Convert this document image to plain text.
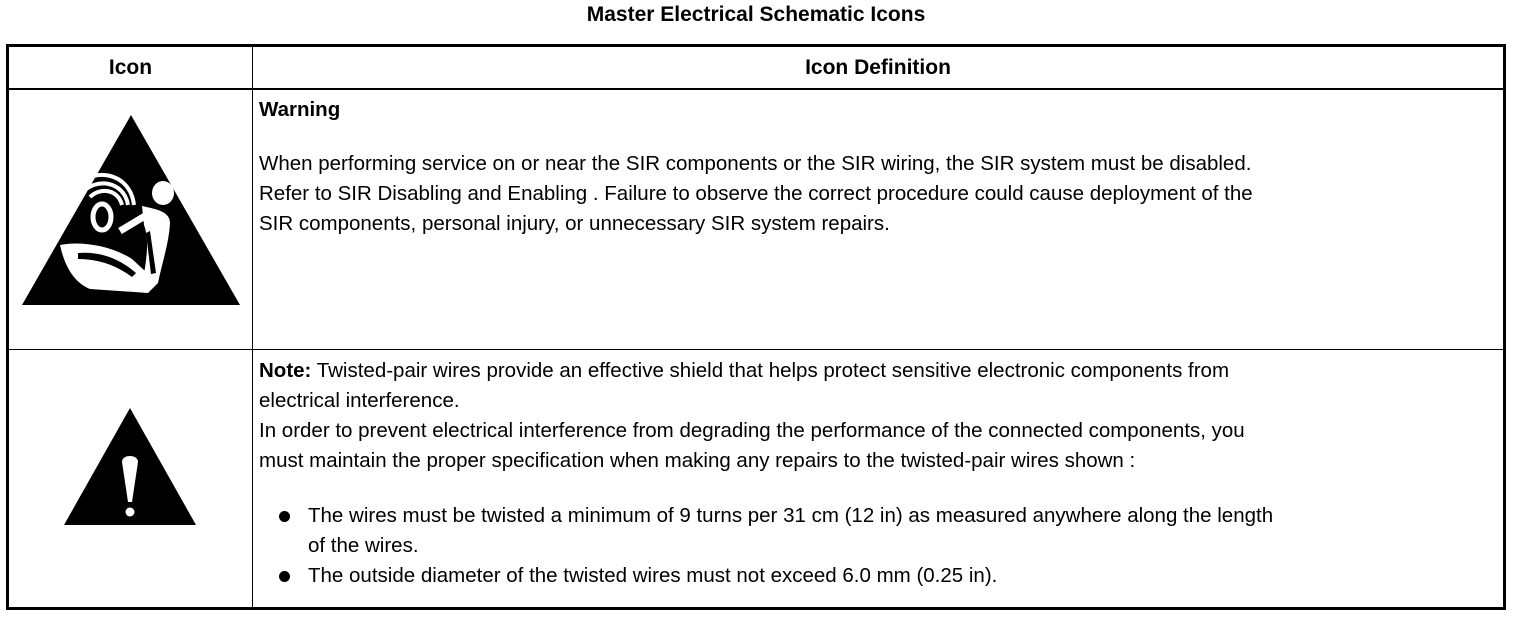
Master Electrical Schematic Icons
Icon	Icon Definition
Warning
When performing service on or near the SIR components or the SIR wiring, the SIR system must be disabled.
Refer to SIR Disabling and Enabling . Failure to observe the correct procedure could cause deployment of the
SIR components, personal injury, or unnecessary SIR system repairs.
Note: Twisted-pair wires provide an effective shield that helps protect sensitive electronic components from
electrical interference.
In order to prevent electrical interference from degrading the performance of the connected components, you
must maintain the proper specification when making any repairs to the twisted-pair wires shown :
The wires must be twisted a minimum of 9 turns per 31 cm (12 in) as measured anywhere along the length
of the wires.
The outside diameter of the twisted wires must not exceed 6.0 mm (0.25 in).
